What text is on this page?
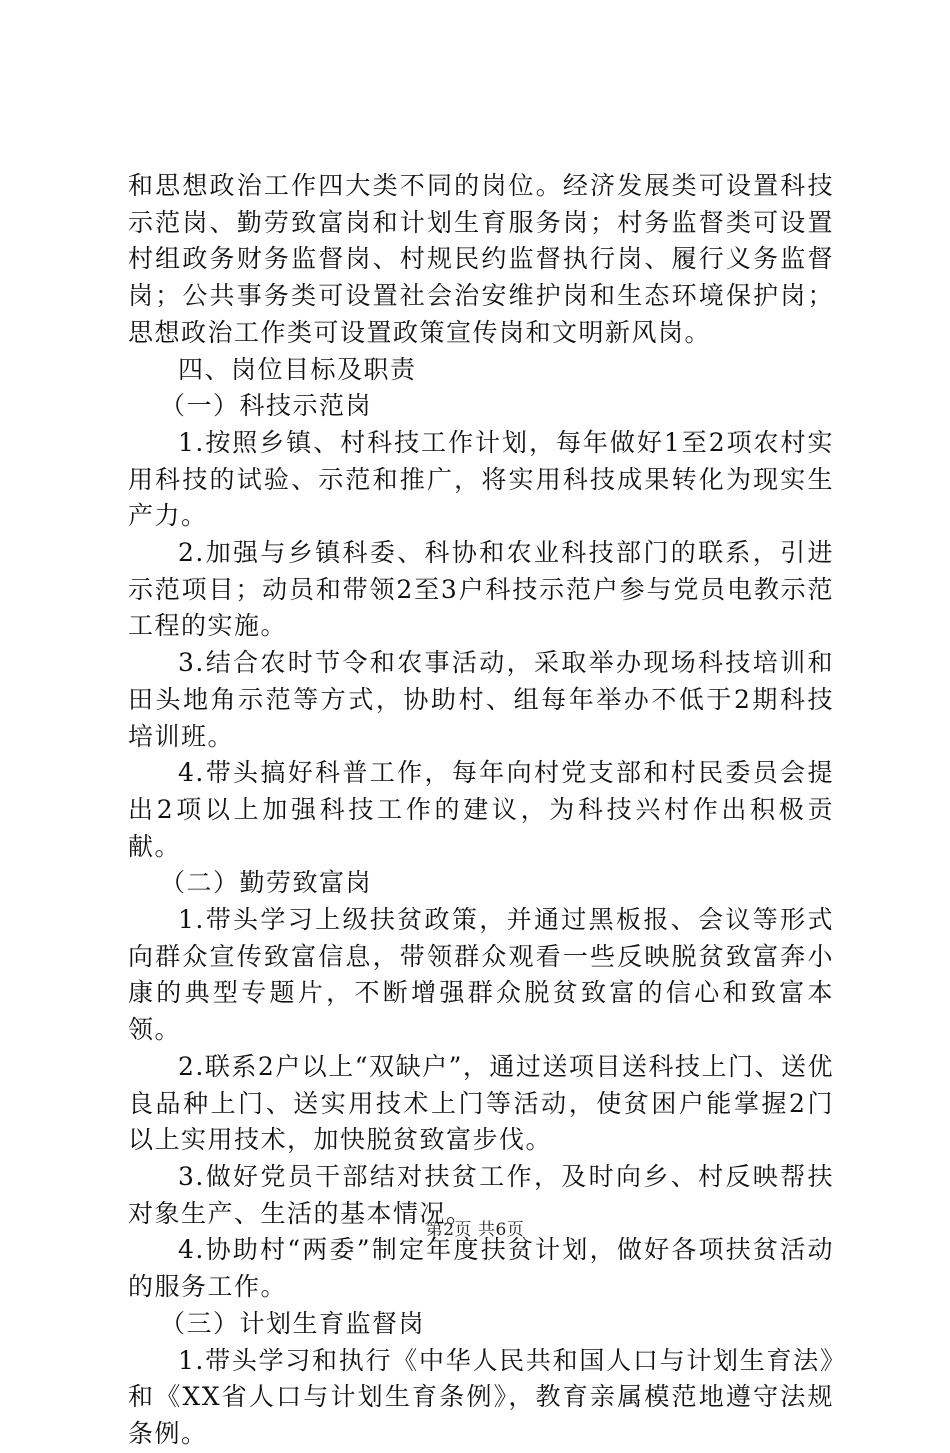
和思想政治工作四大类不同的岗位。经济发展类可设置科技示范岗、勤劳致富岗和计划生育服务岗；村务监督类可设置村组政务财务监督岗、村规民约监督执行岗、履行义务监督岗；公共事务类可设置社会治安维护岗和生态环境保护岗；思想政治工作类可设置政策宣传岗和文明新风岗。

四、岗位目标及职责

（一）科技示范岗

1.按照乡镇、村科技工作计划，每年做好1至2项农村实用科技的试验、示范和推广，将实用科技成果转化为现实生产力。

2.加强与乡镇科委、科协和农业科技部门的联系，引进示范项目；动员和带领2至3户科技示范户参与党员电教示范工程的实施。

3.结合农时节令和农事活动，采取举办现场科技培训和田头地角示范等方式，协助村、组每年举办不低于2期科技培训班。

4.带头搞好科普工作，每年向村党支部和村民委员会提出2项以上加强科技工作的建议，为科技兴村作出积极贡献。

（二）勤劳致富岗

1.带头学习上级扶贫政策，并通过黑板报、会议等形式向群众宣传致富信息，带领群众观看一些反映脱贫致富奔小康的典型专题片，不断增强群众脱贫致富的信心和致富本领。

2.联系2户以上“双缺户”，通过送项目送科技上门、送优良品种上门、送实用技术上门等活动，使贫困户能掌握2门以上实用技术，加快脱贫致富步伐。

3.做好党员干部结对扶贫工作，及时向乡、村反映帮扶对象生产、生活的基本情况。

4.协助村“两委”制定年度扶贫计划，做好各项扶贫活动的服务工作。

（三）计划生育监督岗

1.带头学习和执行《中华人民共和国人口与计划生育法》和《XX省人口与计划生育条例》，教育亲属模范地遵守法规条例。

第2页 共6页
